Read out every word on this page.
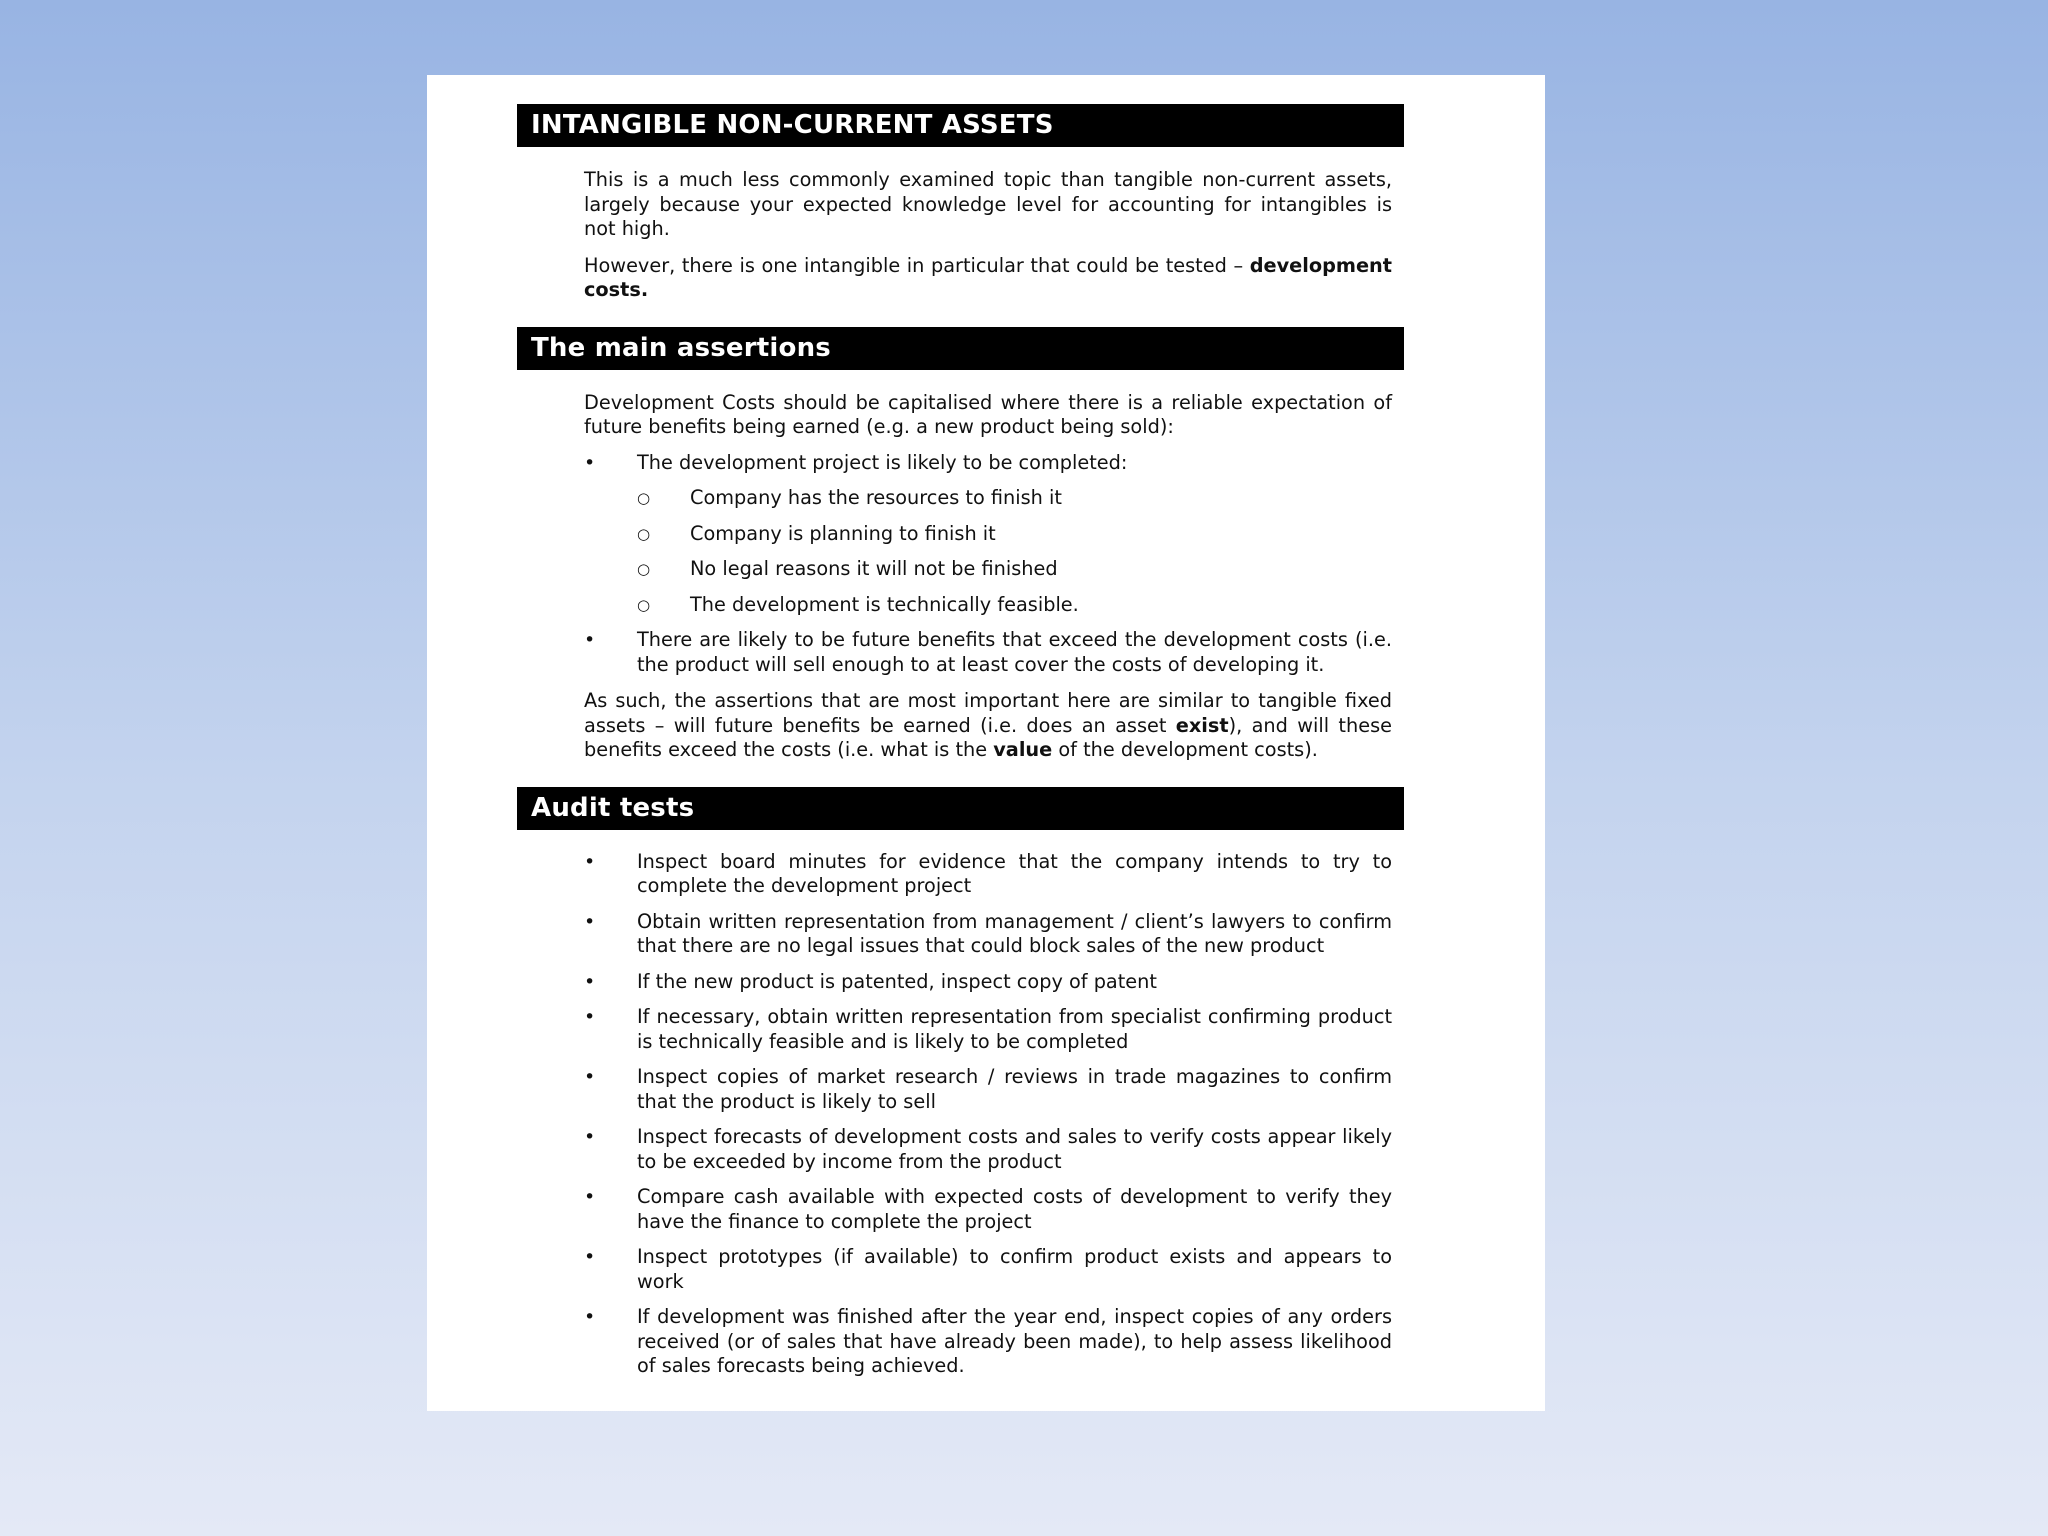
INTANGIBLE NON-CURRENT ASSETS

This is a much less commonly examined topic than tangible non-current assets, largely because your expected knowledge level for accounting for intangibles is not high.

However, there is one intangible in particular that could be tested – development costs.

The main assertions

Development Costs should be capitalised where there is a reliable expectation of future benefits being earned (e.g. a new product being sold):

• The development project is likely to be completed:
○ Company has the resources to finish it
○ Company is planning to finish it
○ No legal reasons it will not be finished
○ The development is technically feasible.
• There are likely to be future benefits that exceed the development costs (i.e. the product will sell enough to at least cover the costs of developing it.

As such, the assertions that are most important here are similar to tangible fixed assets – will future benefits be earned (i.e. does an asset exist), and will these benefits exceed the costs (i.e. what is the value of the development costs).

Audit tests
• Inspect board minutes for evidence that the company intends to try to complete the development project
• Obtain written representation from management / client’s lawyers to confirm that there are no legal issues that could block sales of the new product
• If the new product is patented, inspect copy of patent
• If necessary, obtain written representation from specialist confirming product is technically feasible and is likely to be completed
• Inspect copies of market research / reviews in trade magazines to confirm that the product is likely to sell
• Inspect forecasts of development costs and sales to verify costs appear likely to be exceeded by income from the product
• Compare cash available with expected costs of development to verify they have the finance to complete the project
• Inspect prototypes (if available) to confirm product exists and appears to work
• If development was finished after the year end, inspect copies of any orders received (or of sales that have already been made), to help assess likelihood of sales forecasts being achieved.
